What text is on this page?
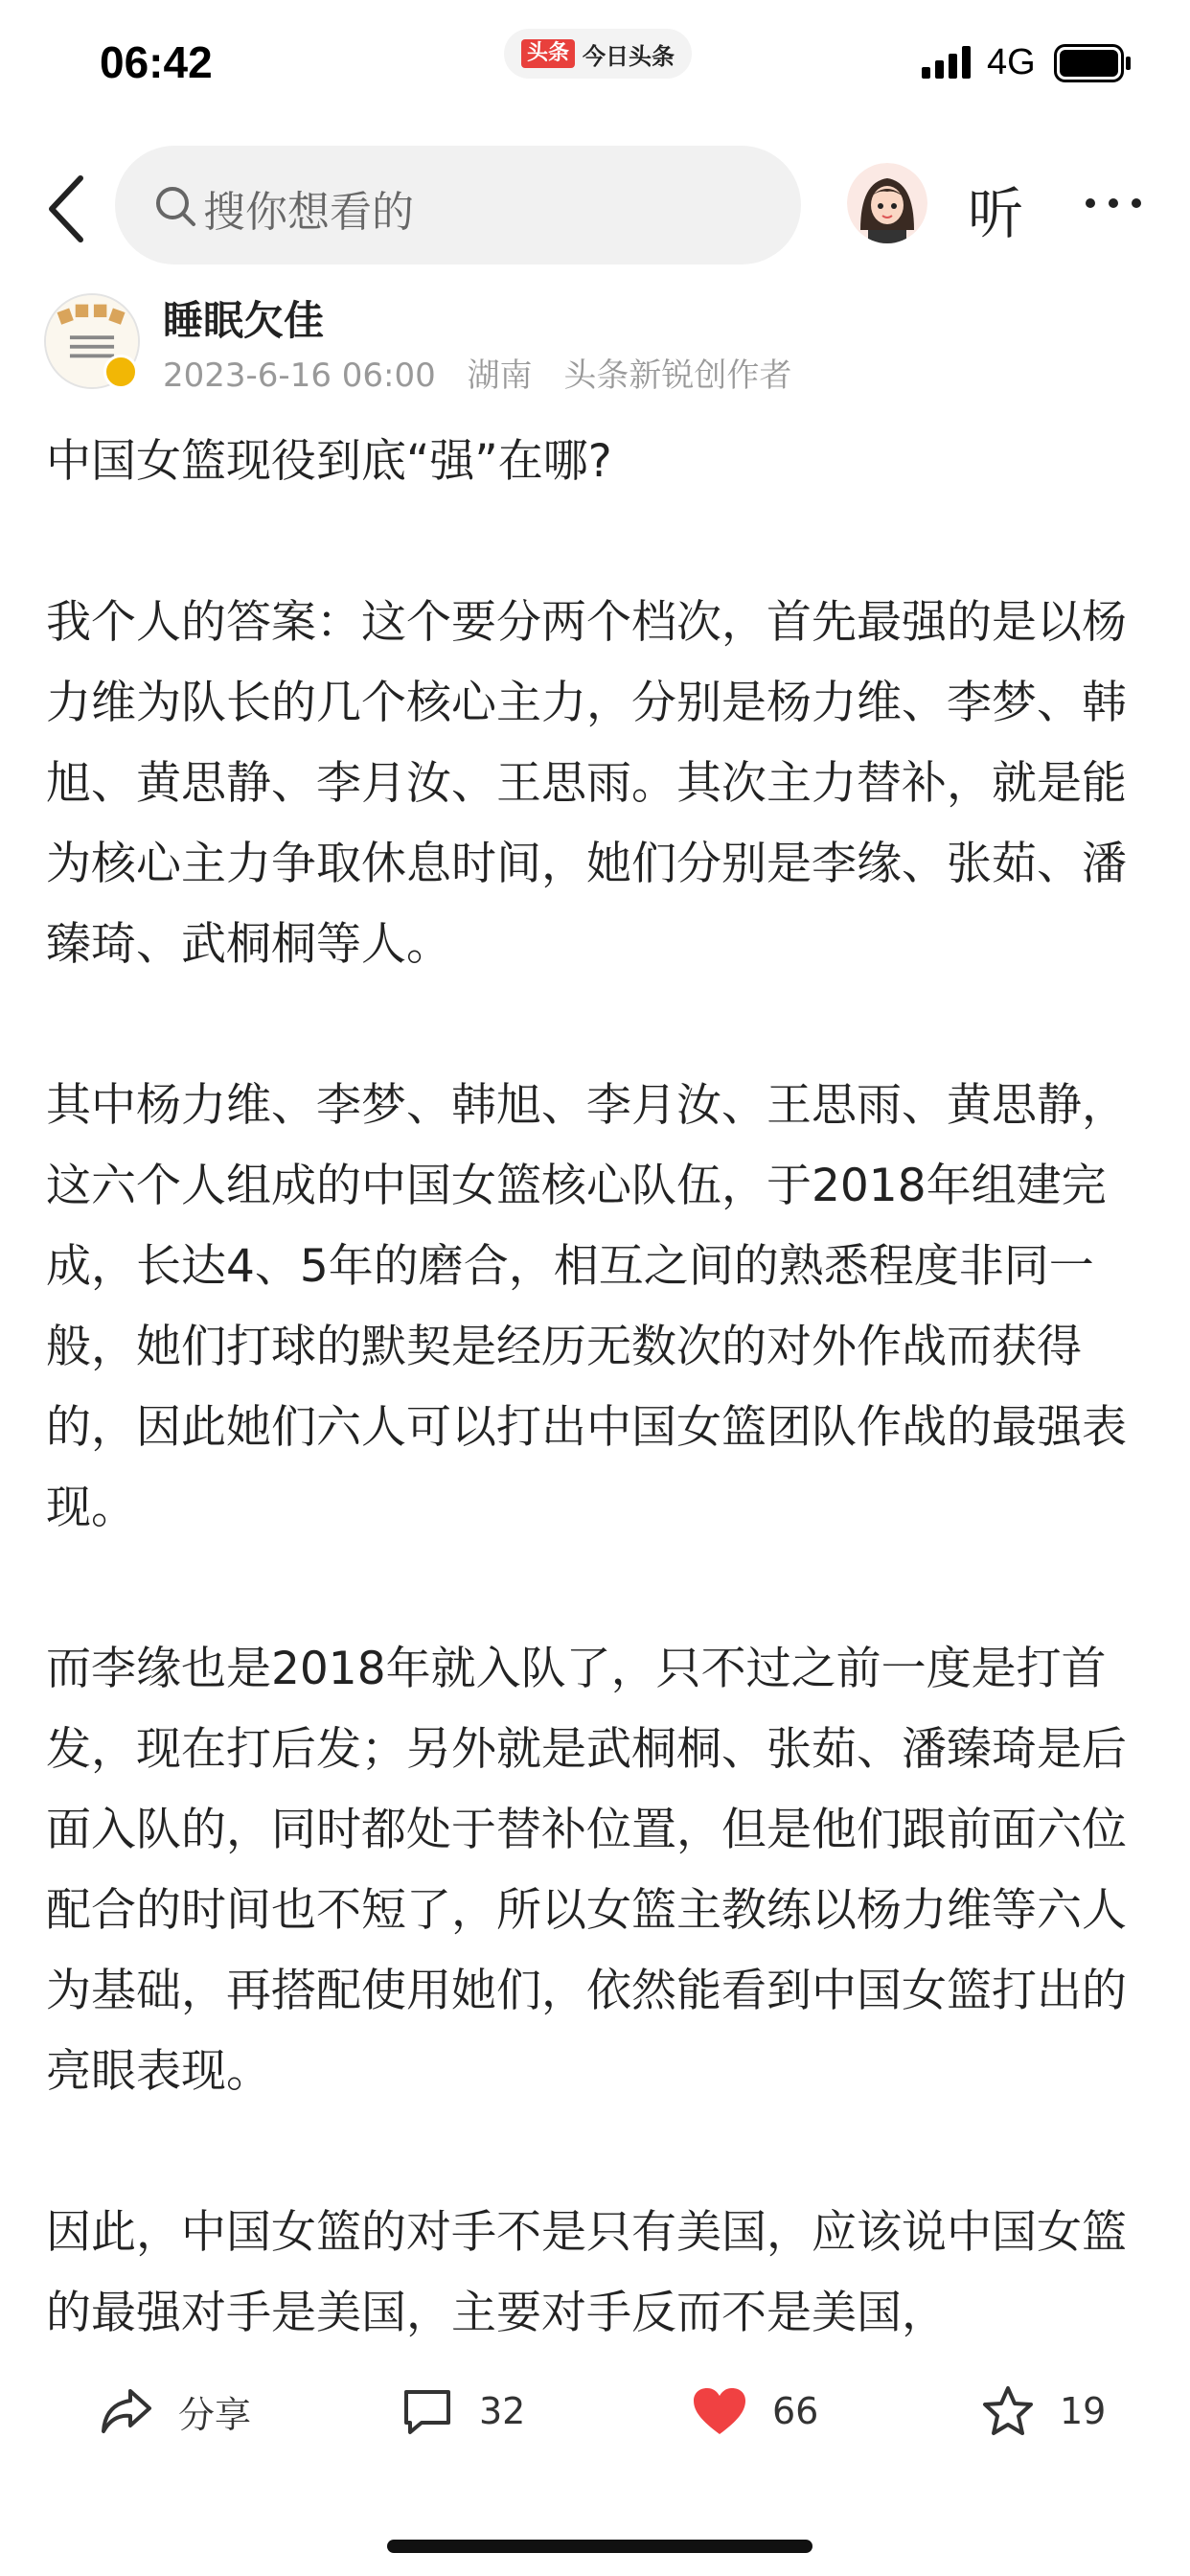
06:42	头条 今日头条	4G
搜你想看的	听
睡眠欠佳
2023-6-16 06:00 湖南 头条新锐创作者
中国女篮现役到底“强”在哪?

我个人的答案：这个要分两个档次，首先最强的是以杨力维为队长的几个核心主力，分别是杨力维、李梦、韩旭、黄思静、李月汝、王思雨。其次主力替补，就是能为核心主力争取休息时间，她们分别是李缘、张茹、潘臻琦、武桐桐等人。

其中杨力维、李梦、韩旭、李月汝、王思雨、黄思静，这六个人组成的中国女篮核心队伍，于2018年组建完成，长达4、5年的磨合，相互之间的熟悉程度非同一般，她们打球的默契是经历无数次的对外作战而获得的，因此她们六人可以打出中国女篮团队作战的最强表现。

而李缘也是2018年就入队了，只不过之前一度是打首发，现在打后发；另外就是武桐桐、张茹、潘臻琦是后面入队的，同时都处于替补位置，但是他们跟前面六位配合的时间也不短了，所以女篮主教练以杨力维等六人为基础，再搭配使用她们，依然能看到中国女篮打出的亮眼表现。

因此，中国女篮的对手不是只有美国，应该说中国女篮的最强对手是美国，主要对手反而不是美国，

分享	32	66	19
